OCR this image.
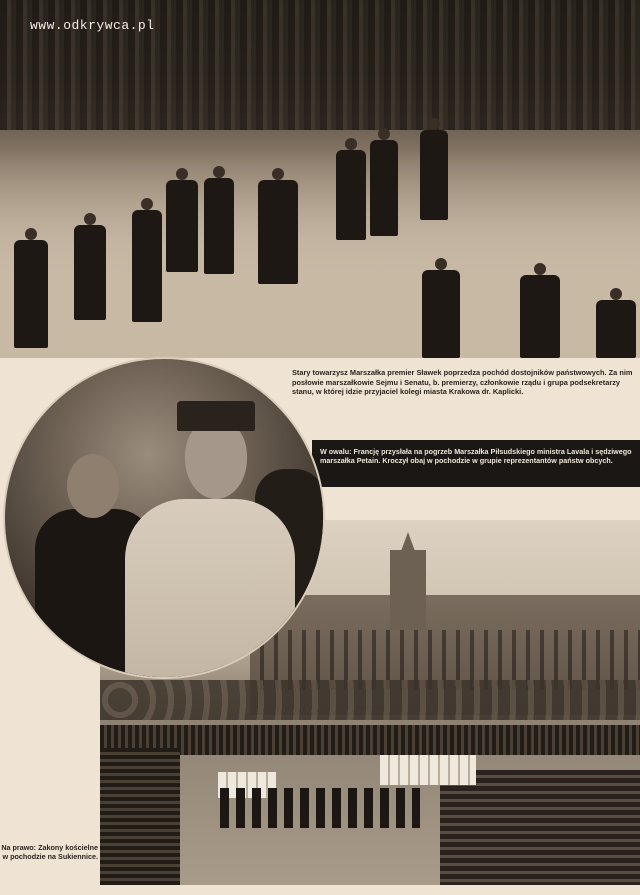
www.odkrywca.pl
Stary towarzysz Marszałka premier Sławek poprzedza pochód dostojników państwowych. Za nim posłowie marszałkowie Sejmu i Senatu, b. premierzy, członkowie rządu i grupa podsekretarzy stanu, w której idzie przyjaciel kolegi miasta Krakowa dr. Kaplicki.
W owalu: Francję przysłała na pogrzeb Marszałka Piłsudskiego ministra Lavala i sędziwego marszałka Petain. Kroczył obaj w pochodzie w grupie reprezentantów państw obcych.
Na prawo: Zakony kościelne w pochodzie na Sukiennice.
